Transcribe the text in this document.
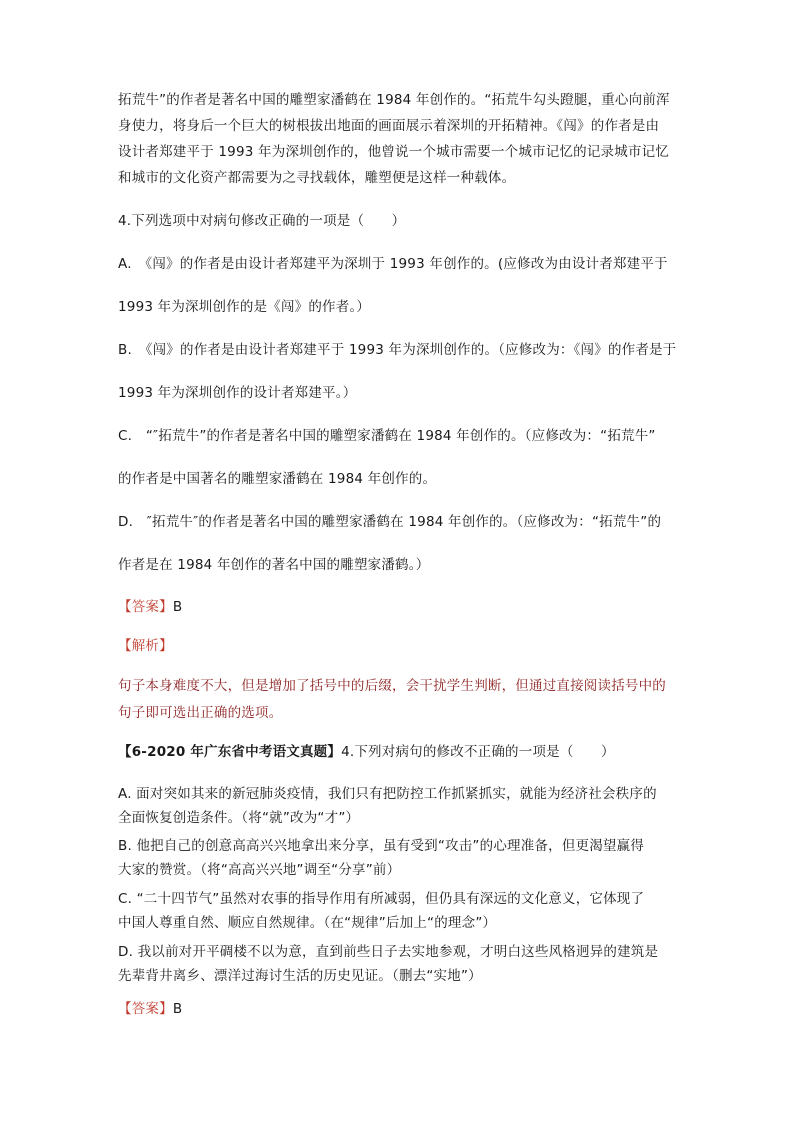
拓荒牛”的作者是著名中国的雕塑家潘鹤在 1984 年创作的。“拓荒牛勾头蹬腿，重心向前浑
身使力，将身后一个巨大的树根拔出地面的画面展示着深圳的开拓精神。《闯》的作者是由
设计者郑建平于 1993 年为深圳创作的，他曾说一个城市需要一个城市记忆的记录城市记忆
和城市的文化资产都需要为之寻找载体，雕塑便是这样一种载体。
4.下列选项中对病句修改正确的一项是（　　）
A.　《闯》的作者是由设计者郑建平为深圳于 1993 年创作的。(应修改为由设计者郑建平于
1993 年为深圳创作的是《闯》的作者。）
B.　《闯》的作者是由设计者郑建平于 1993 年为深圳创作的。（应修改为：《闯》的作者是于
1993 年为深圳创作的设计者郑建平。）
C.　“″拓荒牛”的作者是著名中国的雕塑家潘鹤在 1984 年创作的。（应修改为：“拓荒牛”
的作者是中国著名的雕塑家潘鹤在 1984 年创作的。
D.　″拓荒牛″的作者是著名中国的雕塑家潘鹤在 1984 年创作的。（应修改为：“拓荒牛”的
作者是在 1984 年创作的著名中国的雕塑家潘鹤。）
【答案】B
【解析】
句子本身难度不大，但是增加了括号中的后缀，会干扰学生判断，但通过直接阅读括号中的
句子即可选出正确的选项。
【6-2020 年广东省中考语文真题】4.下列对病句的修改不正确的一项是（　　）
A. 面对突如其来的新冠肺炎疫情，我们只有把防控工作抓紧抓实，就能为经济社会秩序的
全面恢复创造条件。（将“就”改为“才”）
B. 他把自己的创意高高兴兴地拿出来分享，虽有受到“攻击”的心理准备，但更渴望赢得
大家的赞赏。（将“高高兴兴地”调至“分享”前）
C. “二十四节气”虽然对农事的指导作用有所减弱，但仍具有深远的文化意义，它体现了
中国人尊重自然、顺应自然规律。（在“规律”后加上“的理念”）
D. 我以前对开平碉楼不以为意，直到前些日子去实地参观，才明白这些风格迥异的建筑是
先辈背井离乡、漂洋过海讨生活的历史见证。（删去“实地”）
【答案】B
